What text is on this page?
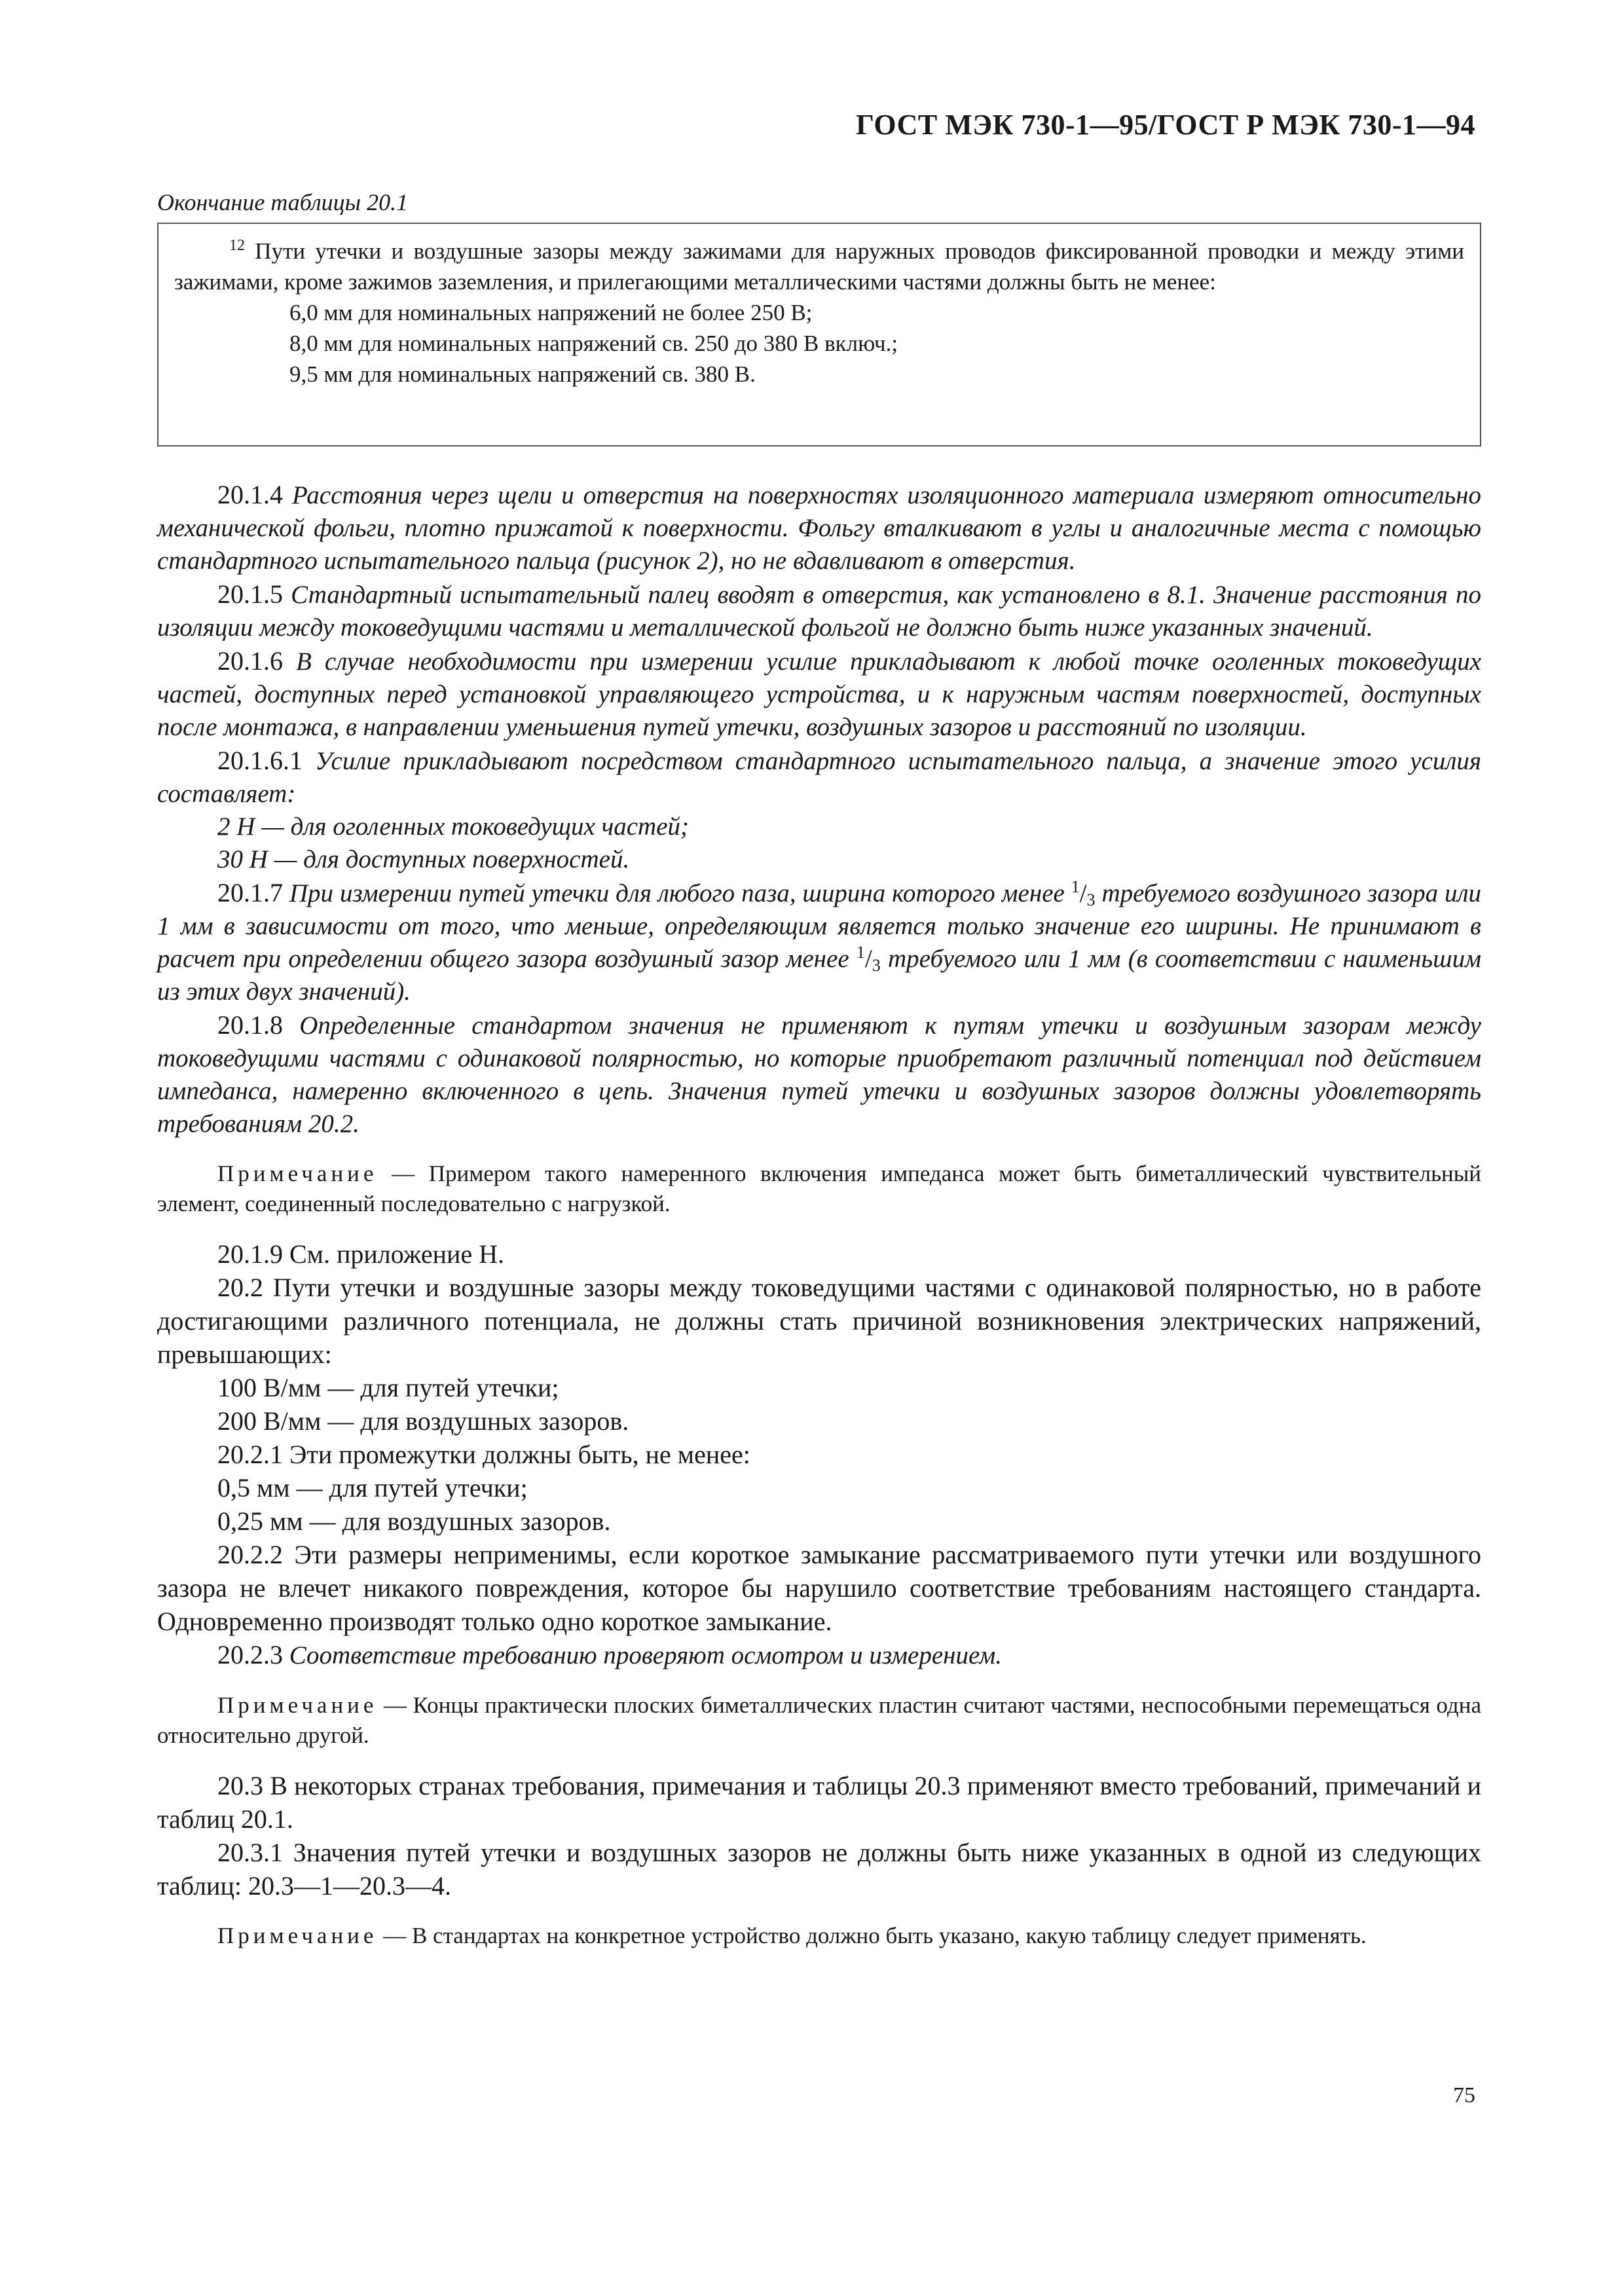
ГОСТ МЭК 730-1—95/ГОСТ Р МЭК 730-1—94
Окончание таблицы 20.1

$^{12}$ Пути утечки и воздушные зазоры между зажимами для наружных проводов фиксированной проводки и между этими зажимами, кроме зажимов заземления, и прилегающими металлическими частями должны быть не менее:

6,0 мм для номинальных напряжений не более 250 В;

8,0 мм для номинальных напряжений св. 250 до 380 В включ.;

9,5 мм для номинальных напряжений св. 380 В.

20.1.4 Расстояния через щели и отверстия на поверхностях изоляционного материала измеряют относительно механической фольги, плотно прижатой к поверхности. Фольгу вталкивают в углы и аналогичные места с помощью стандартного испытательного пальца (рисунок 2), но не вдавливают в отверстия.

20.1.5 Стандартный испытательный палец вводят в отверстия, как установлено в 8.1. Значение расстояния по изоляции между токоведущими частями и металлической фольгой не должно быть ниже указанных значений.

20.1.6 В случае необходимости при измерении усилие прикладывают к любой точке оголенных токоведущих частей, доступных перед установкой управляющего устройства, и к наружным частям поверхностей, доступных после монтажа, в направлении уменьшения путей утечки, воздушных зазоров и расстояний по изоляции.

20.1.6.1 Усилие прикладывают посредством стандартного испытательного пальца, а значение этого усилия составляет:

2 Н — для оголенных токоведущих частей;

30 Н — для доступных поверхностей.

20.1.7 При измерении путей утечки для любого паза, ширина которого менее $^1/_3$ требуемого воздушного зазора или 1 мм в зависимости от того, что меньше, определяющим является только значение его ширины. Не принимают в расчет при определении общего зазора воздушный зазор менее $^1/_3$ требуемого или 1 мм (в соответствии с наименьшим из этих двух значений).

20.1.8 Определенные стандартом значения не применяют к путям утечки и воздушным зазорам между токоведущими частями с одинаковой полярностью, но которые приобретают различный потенциал под действием импеданса, намеренно включенного в цепь. Значения путей утечки и воздушных зазоров должны удовлетворять требованиям 20.2.

Примечание — Примером такого намеренного включения импеданса может быть биметаллический чувствительный элемент, соединенный последовательно с нагрузкой.

20.1.9 См. приложение Н.

20.2 Пути утечки и воздушные зазоры между токоведущими частями с одинаковой полярностью, но в работе достигающими различного потенциала, не должны стать причиной возникновения электрических напряжений, превышающих:

100 В/мм — для путей утечки;

200 В/мм — для воздушных зазоров.

20.2.1 Эти промежутки должны быть, не менее:

0,5 мм — для путей утечки;

0,25 мм — для воздушных зазоров.

20.2.2 Эти размеры неприменимы, если короткое замыкание рассматриваемого пути утечки или воздушного зазора не влечет никакого повреждения, которое бы нарушило соответствие требованиям настоящего стандарта. Одновременно производят только одно короткое замыкание.

20.2.3 Соответствие требованию проверяют осмотром и измерением.

Примечание — Концы практически плоских биметаллических пластин считают частями, неспособными перемещаться одна относительно другой.

20.3 В некоторых странах требования, примечания и таблицы 20.3 применяют вместо требований, примечаний и таблиц 20.1.

20.3.1 Значения путей утечки и воздушных зазоров не должны быть ниже указанных в одной из следующих таблиц: 20.3—1—20.3—4.

Примечание — В стандартах на конкретное устройство должно быть указано, какую таблицу следует применять.

75
